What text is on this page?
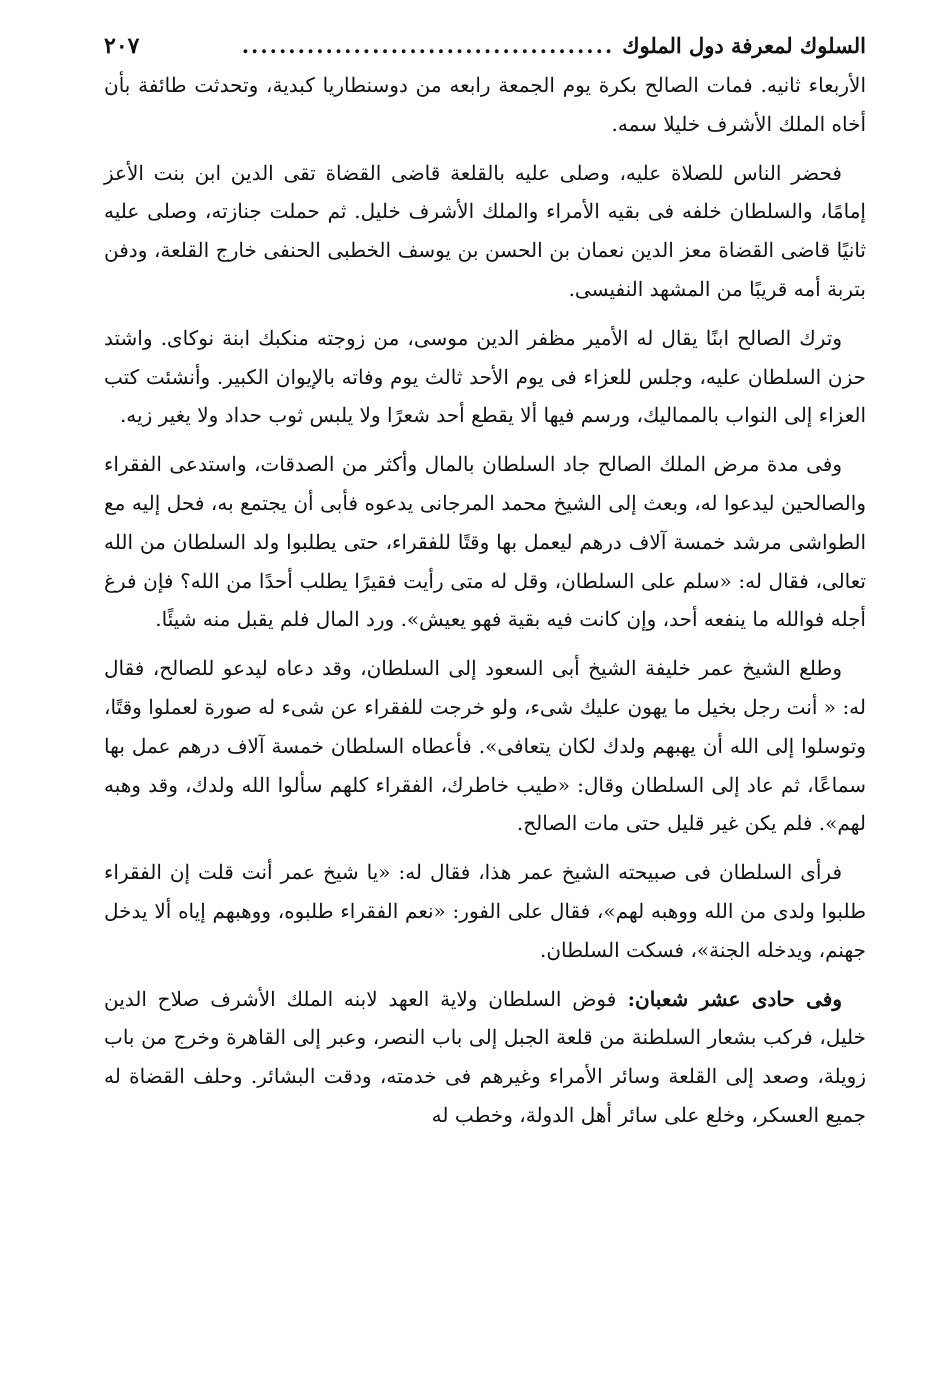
السلوك لمعرفة دول الملوك
........................................
٢٠٧

الأربعاء ثانيه. فمات الصالح بكرة يوم الجمعة رابعه من دوسنطاريا كبدية، وتحدثت طائفة بأن أخاه الملك الأشرف خليلا سمه.

فحضر الناس للصلاة عليه، وصلى عليه بالقلعة قاضى القضاة تقى الدين ابن بنت الأعز إمامًا، والسلطان خلفه فى بقيه الأمراء والملك الأشرف خليل. ثم حملت جنازته، وصلى عليه ثانيًا قاضى القضاة معز الدين نعمان بن الحسن بن يوسف الخطبى الحنفى خارج القلعة، ودفن بتربة أمه قريبًا من المشهد النفيسى.

وترك الصالح ابنًا يقال له الأمير مظفر الدين موسى، من زوجته منكبك ابنة نوكاى. واشتد حزن السلطان عليه، وجلس للعزاء فى يوم الأحد ثالث يوم وفاته بالإيوان الكبير. وأنشئت كتب العزاء إلى النواب بالمماليك، ورسم فيها ألا يقطع أحد شعرًا ولا يلبس ثوب حداد ولا يغير زيه.

وفى مدة مرض الملك الصالح جاد السلطان بالمال وأكثر من الصدقات، واستدعى الفقراء والصالحين ليدعوا له، وبعث إلى الشيخ محمد المرجانى يدعوه فأبى أن يجتمع به، فحل إليه مع الطواشى مرشد خمسة آلاف درهم ليعمل بها وقتًا للفقراء، حتى يطلبوا ولد السلطان من الله تعالى، فقال له: «سلم على السلطان، وقل له متى رأيت فقيرًا يطلب أحدًا من الله؟ فإن فرغ أجله فوالله ما ينفعه أحد، وإن كانت فيه بقية فهو يعيش». ورد المال فلم يقبل منه شيئًا.

وطلع الشيخ عمر خليفة الشيخ أبى السعود إلى السلطان، وقد دعاه ليدعو للصالح، فقال له: « أنت رجل بخيل ما يهون عليك شىء، ولو خرجت للفقراء عن شىء له صورة لعملوا وقتًا، وتوسلوا إلى الله أن يهبهم ولدك لكان يتعافى». فأعطاه السلطان خمسة آلاف درهم عمل بها سماعًا، ثم عاد إلى السلطان وقال: «طيب خاطرك، الفقراء كلهم سألوا الله ولدك، وقد وهبه لهم». فلم يكن غير قليل حتى مات الصالح.

فرأى السلطان فى صبيحته الشيخ عمر هذا، فقال له: «يا شيخ عمر أنت قلت إن الفقراء طلبوا ولدى من الله ووهبه لهم»، فقال على الفور: «نعم الفقراء طلبوه، ووهبهم إياه ألا يدخل جهنم، ويدخله الجنة»، فسكت السلطان.

وفى حادى عشر شعبان: فوض السلطان ولاية العهد لابنه الملك الأشرف صلاح الدين خليل، فركب بشعار السلطنة من قلعة الجبل إلى باب النصر، وعبر إلى القاهرة وخرج من باب زويلة، وصعد إلى القلعة وسائر الأمراء وغيرهم فى خدمته، ودقت البشائر. وحلف القضاة له جميع العسكر، وخلع على سائر أهل الدولة، وخطب له
